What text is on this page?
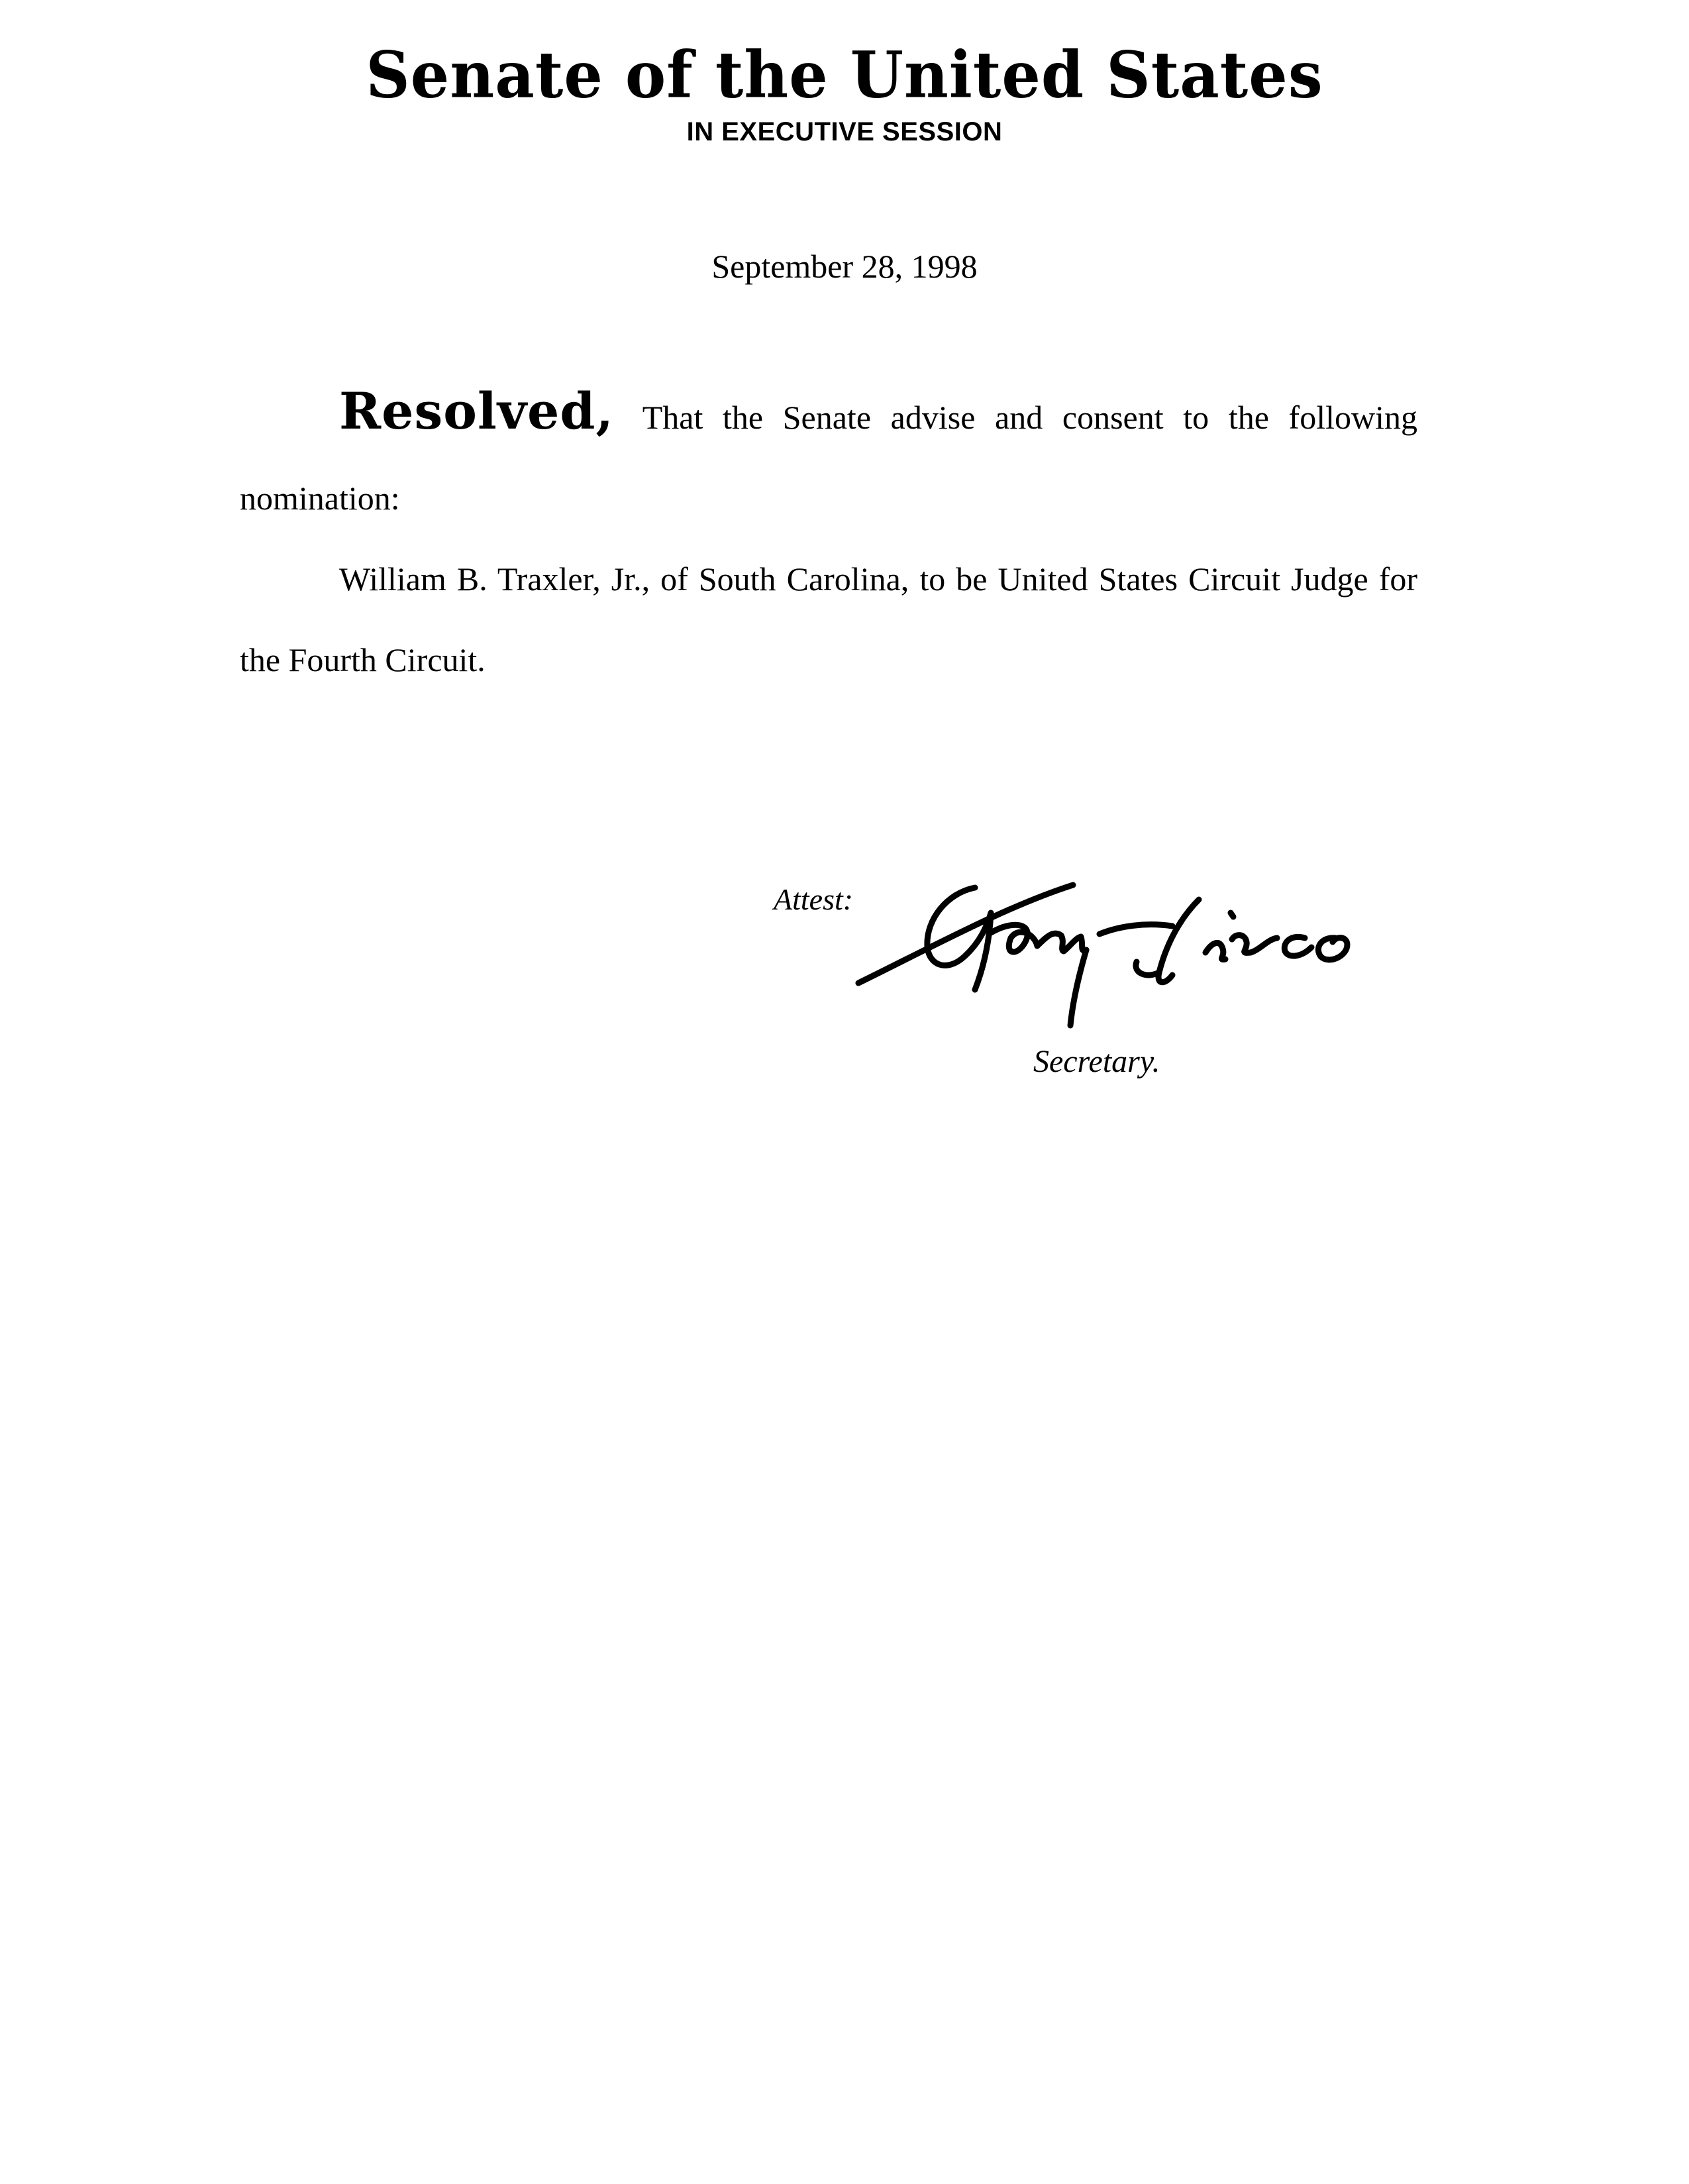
Senate of the United States
IN EXECUTIVE SESSION
September 28, 1998

Resolved, That the Senate advise and consent to the following nomination:

William B. Traxler, Jr., of South Carolina, to be United States Circuit Judge for the Fourth Circuit.

Attest:
Secretary.
